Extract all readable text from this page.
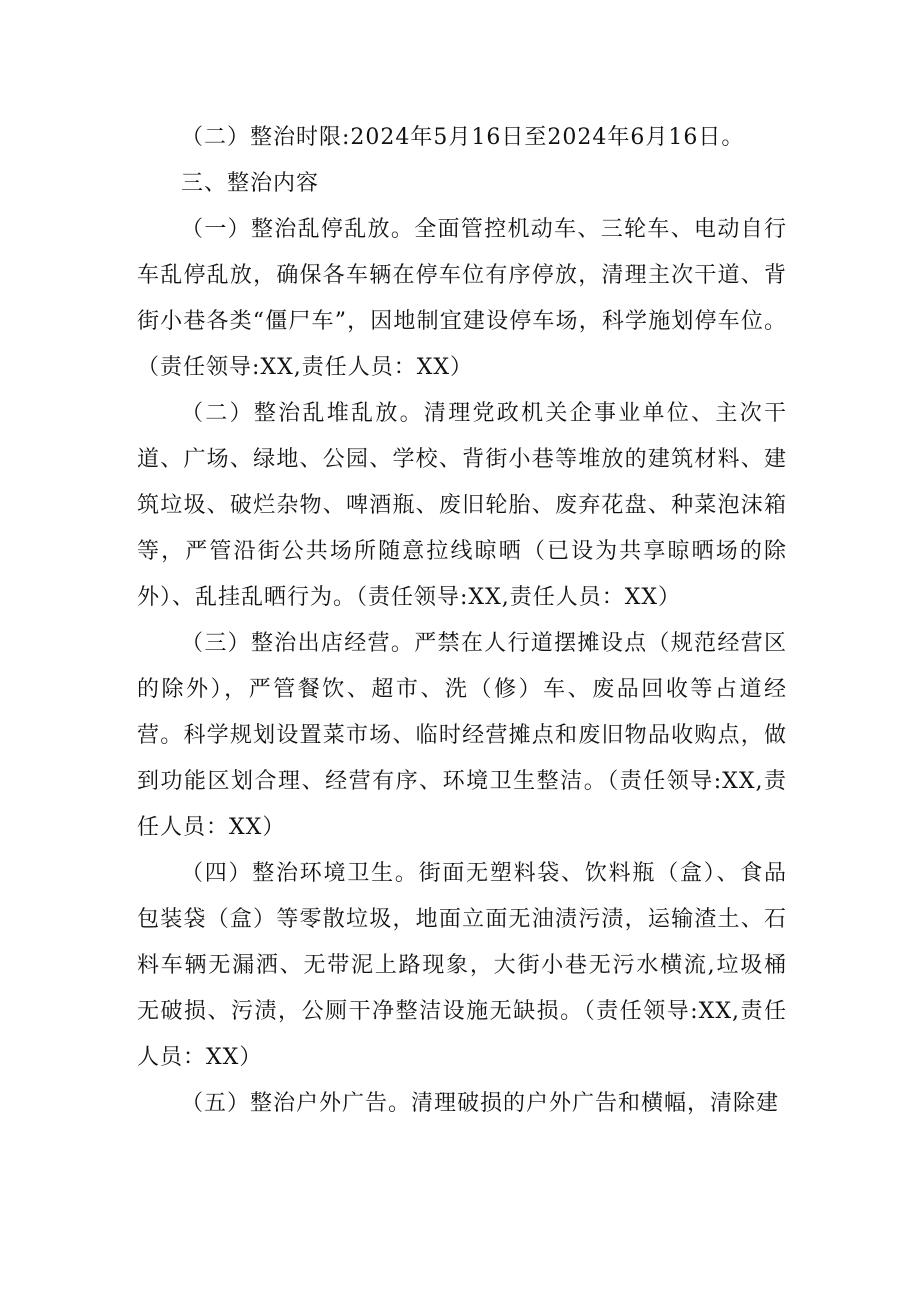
（二）整治时限:2024年5月16日至2024年6月16日。

三、整治内容

（一）整治乱停乱放。全面管控机动车、三轮车、电动自行车乱停乱放，确保各车辆在停车位有序停放，清理主次干道、背街小巷各类“僵尸车”，因地制宜建设停车场，科学施划停车位。（责任领导:XX,责任人员：XX）

（二）整治乱堆乱放。清理党政机关企事业单位、主次干道、广场、绿地、公园、学校、背街小巷等堆放的建筑材料、建筑垃圾、破烂杂物、啤酒瓶、废旧轮胎、废弃花盘、种菜泡沫箱等，严管沿街公共场所随意拉线晾晒（已设为共享晾晒场的除外）、乱挂乱晒行为。（责任领导:XX,责任人员：XX）

（三）整治出店经营。严禁在人行道摆摊设点（规范经营区的除外），严管餐饮、超市、洗（修）车、废品回收等占道经营。科学规划设置菜市场、临时经营摊点和废旧物品收购点，做到功能区划合理、经营有序、环境卫生整洁。（责任领导:XX,责任人员：XX）

（四）整治环境卫生。街面无塑料袋、饮料瓶（盒）、食品包装袋（盒）等零散垃圾，地面立面无油渍污渍，运输渣土、石料车辆无漏洒、无带泥上路现象，大街小巷无污水横流,垃圾桶无破损、污渍，公厕干净整洁设施无缺损。（责任领导:XX,责任人员：XX）

（五）整治户外广告。清理破损的户外广告和横幅，清除建
